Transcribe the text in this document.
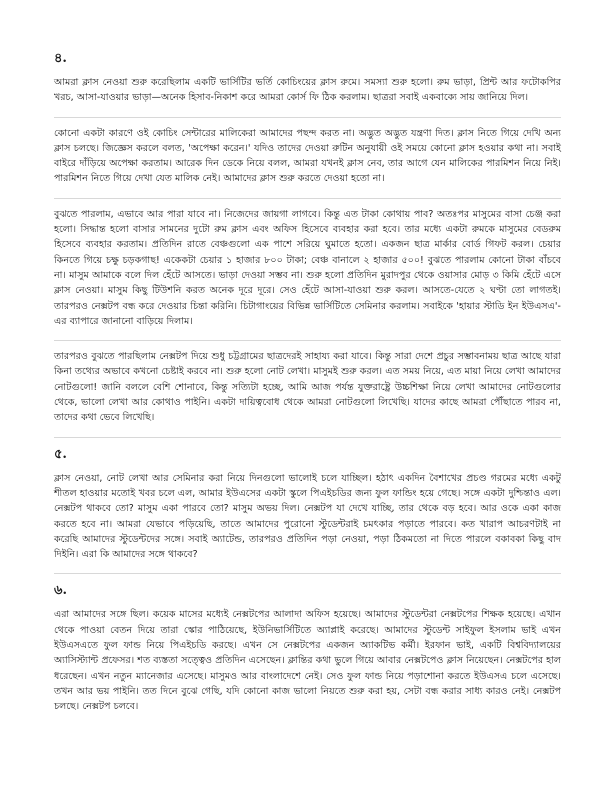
৪.

আমরা ক্লাস নেওয়া শুরু করেছিলাম একটি ভার্সিটির ভর্তি কোচিংয়ের ক্লাস রুমে। সমস্যা শুরু হলো। রুম ভাড়া, প্রিন্ট আর ফটোকপির খরচ, আসা-যাওয়ার ভাড়া—অনেক হিসাব-নিকাশ করে আমরা কোর্স ফি ঠিক করলাম। ছাত্ররা সবাই একবাক্যে সায় জানিয়ে দিল।

কোনো একটা কারণে ওই কোচিং সেন্টারের মালিকেরা আমাদের পছন্দ করত না। অদ্ভুত অদ্ভুত যন্ত্রণা দিত। ক্লাস নিতে গিয়ে দেখি অন্য ক্লাস চলছে। জিজ্ঞেস করলে বলত, 'অপেক্ষা করেন।' যদিও তাদের দেওয়া রুটিন অনুযায়ী ওই সময়ে কোনো ক্লাস হওয়ার কথা না। সবাই বাইরে দাঁড়িয়ে অপেক্ষা করতাম। আরেক দিন ডেকে নিয়ে বলল, আমরা যখনই ক্লাস নেব, তার আগে যেন মালিকের পারমিশন নিয়ে নিই। পারমিশন নিতে গিয়ে দেখা যেত মালিক নেই। আমাদের ক্লাস শুরু করতে দেওয়া হতো না।

বুঝতে পারলাম, এভাবে আর পারা যাবে না। নিজেদের জায়গা লাগবে। কিন্তু এত টাকা কোথায় পাব? অতঃপর মাসুমের বাসা চেঞ্জ করা হলো। সিদ্ধান্ত হলো বাসার সামনের দুটো রুম ক্লাস এবং অফিস হিসেবে ব্যবহার করা হবে। তার মধ্যে একটা রুমকে মাসুমের বেডরুম হিসেবে ব্যবহার করতাম। প্রতিদিন রাতে বেঞ্চগুলো এক পাশে সরিয়ে ঘুমাতে হতো। একজন ছাত্র মার্কার বোর্ড গিফট করল। চেয়ার কিনতে গিয়ে চক্ষু চড়কগাছ! একেকটা চেয়ার ১ হাজার ৮০০ টাকা; বেঞ্চ বানালে ২ হাজার ৫০০! বুঝতে পারলাম কোনো টাকা বাঁচবে না। মাসুম আমাকে বলে দিল হেঁটে আসতে। ভাড়া দেওয়া সম্ভব না। শুরু হলো প্রতিদিন মুরাদপুর থেকে ওয়াসার মোড় ৩ কিমি হেঁটে এসে ক্লাস নেওয়া। মাসুম কিছু টিউশনি করত অনেক দূরে দূরে। সেও হেঁটে আসা-যাওয়া শুরু করল। আসতে-যেতে ২ ঘণ্টা তো লাগতই। তারপরও নেক্সটপ বন্ধ করে দেওয়ার চিন্তা করিনি। চিটাগাংয়ের বিভিন্ন ভার্সিটিতে সেমিনার করলাম। সবাইকে 'হায়ার স্টাডি ইন ইউএসএ'-এর ব্যাপারে জানানো বাড়িয়ে দিলাম।

তারপরও বুঝতে পারছিলাম নেক্সটপ দিয়ে শুধু চট্টগ্রামের ছাত্রদেরই সাহায্য করা যাবে। কিন্তু সারা দেশে প্রচুর সম্ভাবনাময় ছাত্র আছে যারা কিনা তথ্যের অভাবে কখনো চেষ্টাই করবে না। শুরু হলো নোট লেখা। মাসুমই শুরু করল। এত সময় নিয়ে, এত মায়া নিয়ে লেখা আমাদের নোটগুলো! জানি বললে বেশি শোনাবে, কিন্তু সত্যিটা হচ্ছে, আমি আজ পর্যন্ত যুক্তরাষ্ট্রে উচ্চশিক্ষা নিয়ে লেখা আমাদের নোটগুলোর থেকে, ভালো লেখা আর কোথাও পাইনি। একটা দায়িত্ববোধ থেকে আমরা নোটগুলো লিখেছি। যাদের কাছে আমরা পৌঁছাতে পারব না, তাদের কথা ভেবে লিখেছি।

৫.

ক্লাস নেওয়া, নোট লেখা আর সেমিনার করা নিয়ে দিনগুলো ভালোই চলে যাচ্ছিল। হঠাৎ একদিন বৈশাখের প্রচণ্ড গরমের মধ্যে একটু শীতল হাওয়ার মতোই খবর চলে এল, আমার ইউএসের একটা স্কুলে পিএইচডির জন্য ফুল ফান্ডিং হয়ে গেছে। সঙ্গে একটা দুশ্চিন্তাও এল। নেক্সটপ থাকবে তো? মাসুম একা পারবে তো? মাসুম অভয় দিল। নেক্সটপ যা দেখে যাচ্ছি, তার থেকে বড় হবে। আর ওকে একা কাজ করতে হবে না। আমরা যেভাবে পড়িয়েছি, তাতে আমাদের পুরোনো স্টুডেন্টরাই চমৎকার পড়াতে পারবে। কত খারাপ আচরণটাই না করেছি আমাদের স্টুডেন্টদের সঙ্গে। সবাই অ্যাটেন্ড, তারপরও প্রতিদিন পড়া নেওয়া, পড়া ঠিকমতো না দিতে পারলে বকাবকা কিছু বাদ দিইনি। এরা কি আমাদের সঙ্গে থাকবে?

৬.

এরা আমাদের সঙ্গে ছিল। কয়েক মাসের মধ্যেই নেক্সটপের আলাদা অফিস হয়েছে। আমাদের স্টুডেন্টরা নেক্সটপের শিক্ষক হয়েছে। এখান থেকে পাওয়া বেতন দিয়ে তারা স্কোর পাঠিয়েছে, ইউনিভার্সিটিতে অ্যাপ্লাই করেছে। আমাদের স্টুডেন্ট সাইফুল ইসলাম ভাই এখন ইউএসএতে ফুল ফান্ড নিয়ে পিএইচডি করছে। এখন সে নেক্সটপের একজন অ্যাকটিভ কর্মী। ইরফান ভাই, একটি বিশ্ববিদ্যালয়ের অ্যাসিস্ট্যান্ট প্রফেসর। শত ব্যস্ততা সত্ত্বেও প্রতিদিন এসেছেন। ক্লান্তির কথা ভুলে গিয়ে আবার নেক্সটপেও ক্লাস নিয়েছেন। নেক্সটপের হাল ধরেছেন। এখন নতুন ম্যানেজার এসেছে। মাসুমও আর বাংলাদেশে নেই। সেও ফুল ফান্ড নিয়ে পড়াশোনা করতে ইউএসএ চলে এসেছে। তখন আর ভয় পাইনি। তত দিনে বুঝে গেছি, যদি কোনো কাজ ভালো নিয়তে শুরু করা হয়, সেটা বন্ধ করার সাধ্য কারও নেই। নেক্সটপ চলছে। নেক্সটপ চলবে।
